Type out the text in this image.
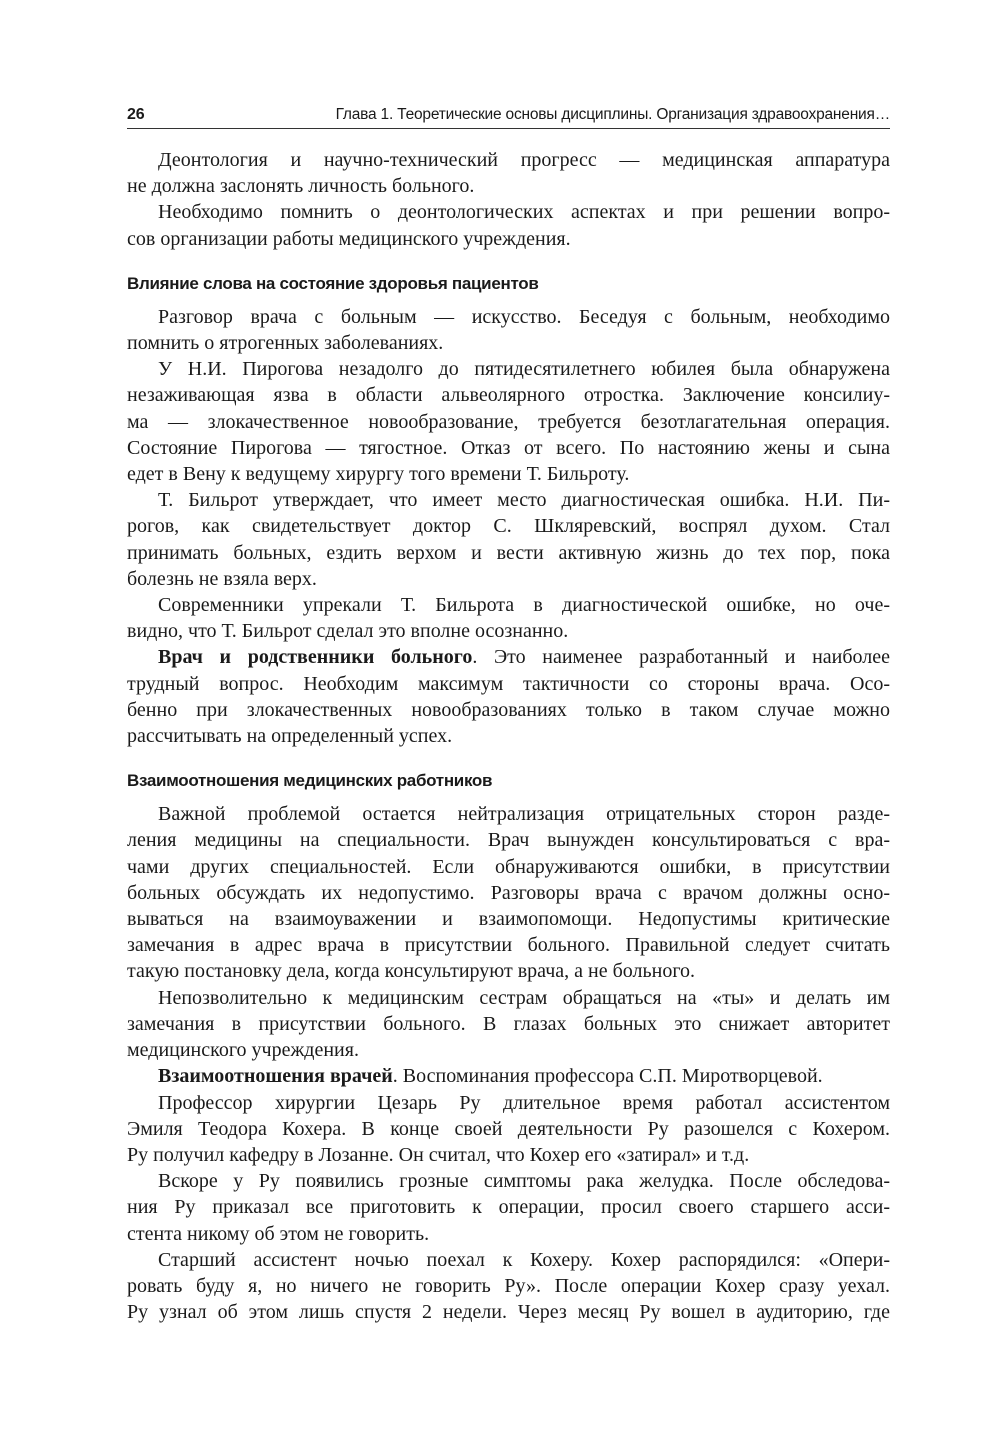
26	Глава 1. Теоретические основы дисциплины. Организация здравоохранения…
Деонтология и научно-технический прогресс — медицинская аппаратура
не должна заслонять личность больного.
Необходимо помнить о деонтологических аспектах и при решении вопро-
сов организации работы медицинского учреждения.
Влияние слова на состояние здоровья пациентов
Разговор врача с больным — искусство. Беседуя с больным, необходимо
помнить о ятрогенных заболеваниях.
У Н.И. Пирогова незадолго до пятидесятилетнего юбилея была обнаружена
незаживающая язва в области альвеолярного отростка. Заключение консилиу-
ма — злокачественное новообразование, требуется безотлагательная операция.
Состояние Пирогова — тягостное. Отказ от всего. По настоянию жены и сына
едет в Вену к ведущему хирургу того времени Т. Бильроту.
Т. Бильрот утверждает, что имеет место диагностическая ошибка. Н.И. Пи-
рогов, как свидетельствует доктор С. Шкляревский, воспрял духом. Стал
принимать больных, ездить верхом и вести активную жизнь до тех пор, пока
болезнь не взяла верх.
Современники упрекали Т. Бильрота в диагностической ошибке, но оче-
видно, что Т. Бильрот сделал это вполне осознанно.
Врач и родственники больного. Это наименее разработанный и наиболее
трудный вопрос. Необходим максимум тактичности со стороны врача. Осо-
бенно при злокачественных новообразованиях только в таком случае можно
рассчитывать на определенный успех.
Взаимоотношения медицинских работников
Важной проблемой остается нейтрализация отрицательных сторон разде-
ления медицины на специальности. Врач вынужден консультироваться с вра-
чами других специальностей. Если обнаруживаются ошибки, в присутствии
больных обсуждать их недопустимо. Разговоры врача с врачом должны осно-
вываться на взаимоуважении и взаимопомощи. Недопустимы критические
замечания в адрес врача в присутствии больного. Правильной следует считать
такую постановку дела, когда консультируют врача, а не больного.
Непозволительно к медицинским сестрам обращаться на «ты» и делать им
замечания в присутствии больного. В глазах больных это снижает авторитет
медицинского учреждения.
Взаимоотношения врачей. Воспоминания профессора С.П. Миротворцевой.
Профессор хирургии Цезарь Ру длительное время работал ассистентом
Эмиля Теодора Кохера. В конце своей деятельности Ру разошелся с Кохером.
Ру получил кафедру в Лозанне. Он считал, что Кохер его «затирал» и т.д.
Вскоре у Ру появились грозные симптомы рака желудка. После обследова-
ния Ру приказал все приготовить к операции, просил своего старшего асси-
стента никому об этом не говорить.
Старший ассистент ночью поехал к Кохеру. Кохер распорядился: «Опери-
ровать буду я, но ничего не говорить Ру». После операции Кохер сразу уехал.
Ру узнал об этом лишь спустя 2 недели. Через месяц Ру вошел в аудиторию, где
